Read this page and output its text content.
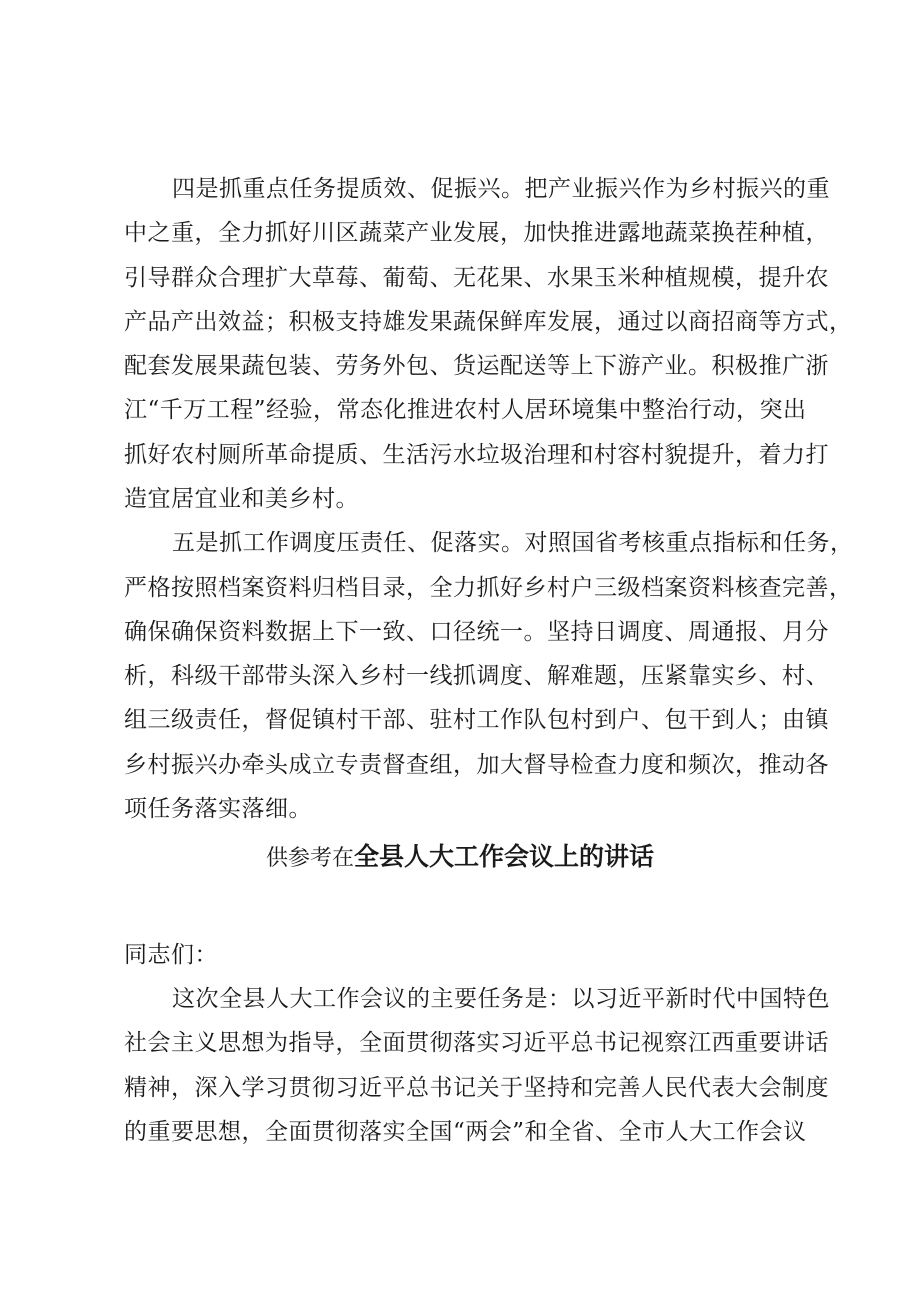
四是抓重点任务提质效、促振兴。把产业振兴作为乡村振兴的重
中之重，全力抓好川区蔬菜产业发展，加快推进露地蔬菜换茬种植，
引导群众合理扩大草莓、葡萄、无花果、水果玉米种植规模，提升农
产品产出效益；积极支持雄发果蔬保鲜库发展，通过以商招商等方式，
配套发展果蔬包装、劳务外包、货运配送等上下游产业。积极推广浙
江“千万工程”经验，常态化推进农村人居环境集中整治行动，突出
抓好农村厕所革命提质、生活污水垃圾治理和村容村貌提升，着力打
造宜居宜业和美乡村。
五是抓工作调度压责任、促落实。对照国省考核重点指标和任务，
严格按照档案资料归档目录，全力抓好乡村户三级档案资料核查完善，
确保确保资料数据上下一致、口径统一。坚持日调度、周通报、月分
析，科级干部带头深入乡村一线抓调度、解难题，压紧靠实乡、村、
组三级责任，督促镇村干部、驻村工作队包村到户、包干到人；由镇
乡村振兴办牵头成立专责督查组，加大督导检查力度和频次，推动各
项任务落实落细。
供参考在全县人大工作会议上的讲话
同志们：
这次全县人大工作会议的主要任务是：以习近平新时代中国特色
社会主义思想为指导，全面贯彻落实习近平总书记视察江西重要讲话
精神，深入学习贯彻习近平总书记关于坚持和完善人民代表大会制度
的重要思想，全面贯彻落实全国“两会”和全省、全市人大工作会议
